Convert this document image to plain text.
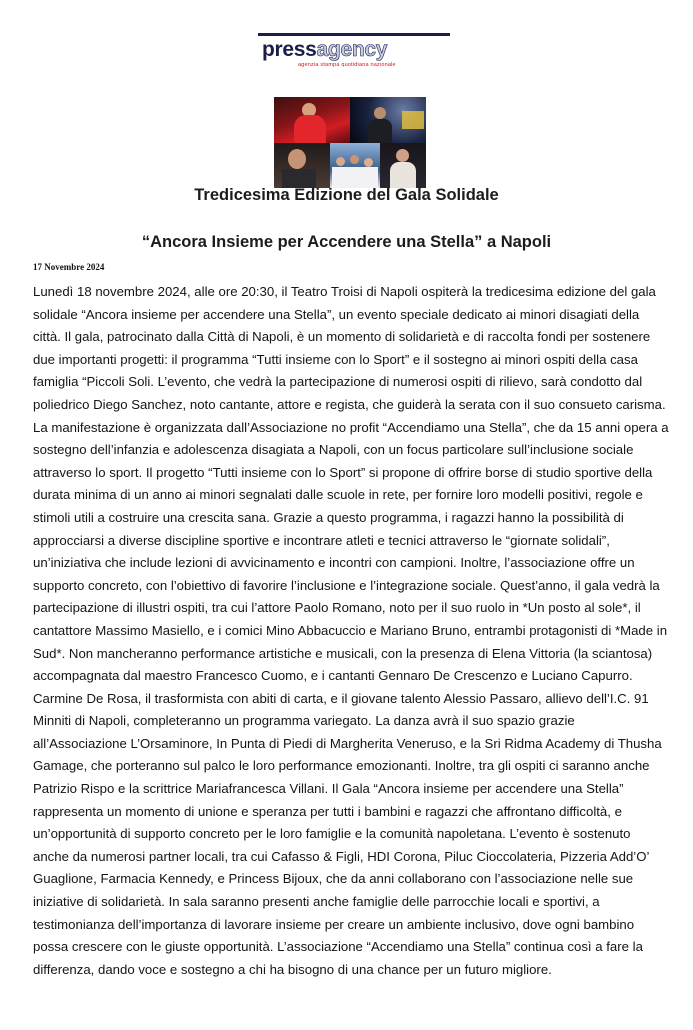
pressagency
agenzia stampa quotidiana nazionale
Tredicesima Edizione del Gala Solidale
“Ancora Insieme per Accendere una Stella” a Napoli
17 Novembre 2024
Lunedì 18 novembre 2024, alle ore 20:30, il Teatro Troisi di Napoli ospiterà la tredicesima edizione del gala
solidale “Ancora insieme per accendere una Stella”, un evento speciale dedicato ai minori disagiati della
città. Il gala, patrocinato dalla Città di Napoli, è un momento di solidarietà e di raccolta fondi per sostenere
due importanti progetti: il programma “Tutti insieme con lo Sport” e il sostegno ai minori ospiti della casa
famiglia “Piccoli Soli. L’evento, che vedrà la partecipazione di numerosi ospiti di rilievo, sarà condotto dal
poliedrico Diego Sanchez, noto cantante, attore e regista, che guiderà la serata con il suo consueto carisma.
La manifestazione è organizzata dall’Associazione no profit “Accendiamo una Stella”, che da 15 anni opera a
sostegno dell’infanzia e adolescenza disagiata a Napoli, con un focus particolare sull’inclusione sociale
attraverso lo sport. Il progetto “Tutti insieme con lo Sport” si propone di offrire borse di studio sportive della
durata minima di un anno ai minori segnalati dalle scuole in rete, per fornire loro modelli positivi, regole e
stimoli utili a costruire una crescita sana. Grazie a questo programma, i ragazzi hanno la possibilità di
approcciarsi a diverse discipline sportive e incontrare atleti e tecnici attraverso le “giornate solidali”,
un’iniziativa che include lezioni di avvicinamento e incontri con campioni. Inoltre, l’associazione offre un
supporto concreto, con l’obiettivo di favorire l’inclusione e l’integrazione sociale. Quest’anno, il gala vedrà la
partecipazione di illustri ospiti, tra cui l’attore Paolo Romano, noto per il suo ruolo in *Un posto al sole*, il
cantattore Massimo Masiello, e i comici Mino Abbacuccio e Mariano Bruno, entrambi protagonisti di *Made in
Sud*. Non mancheranno performance artistiche e musicali, con la presenza di Elena Vittoria (la sciantosa)
accompagnata dal maestro Francesco Cuomo, e i cantanti Gennaro De Crescenzo e Luciano Capurro.
Carmine De Rosa, il trasformista con abiti di carta, e il giovane talento Alessio Passaro, allievo dell’I.C. 91
Minniti di Napoli, completeranno un programma variegato. La danza avrà il suo spazio grazie
all’Associazione L’Orsaminore, In Punta di Piedi di Margherita Veneruso, e la Sri Ridma Academy di Thusha
Gamage, che porteranno sul palco le loro performance emozionanti. Inoltre, tra gli ospiti ci saranno anche
Patrizio Rispo e la scrittrice Mariafrancesca Villani. Il Gala “Ancora insieme per accendere una Stella”
rappresenta un momento di unione e speranza per tutti i bambini e ragazzi che affrontano difficoltà, e
un’opportunità di supporto concreto per le loro famiglie e la comunità napoletana. L’evento è sostenuto
anche da numerosi partner locali, tra cui Cafasso & Figli, HDI Corona, Piluc Cioccolateria, Pizzeria Add’O’
Guaglione, Farmacia Kennedy, e Princess Bijoux, che da anni collaborano con l’associazione nelle sue
iniziative di solidarietà. In sala saranno presenti anche famiglie delle parrocchie locali e sportivi, a
testimonianza dell’importanza di lavorare insieme per creare un ambiente inclusivo, dove ogni bambino
possa crescere con le giuste opportunità. L’associazione “Accendiamo una Stella” continua così a fare la
differenza, dando voce e sostegno a chi ha bisogno di una chance per un futuro migliore.
